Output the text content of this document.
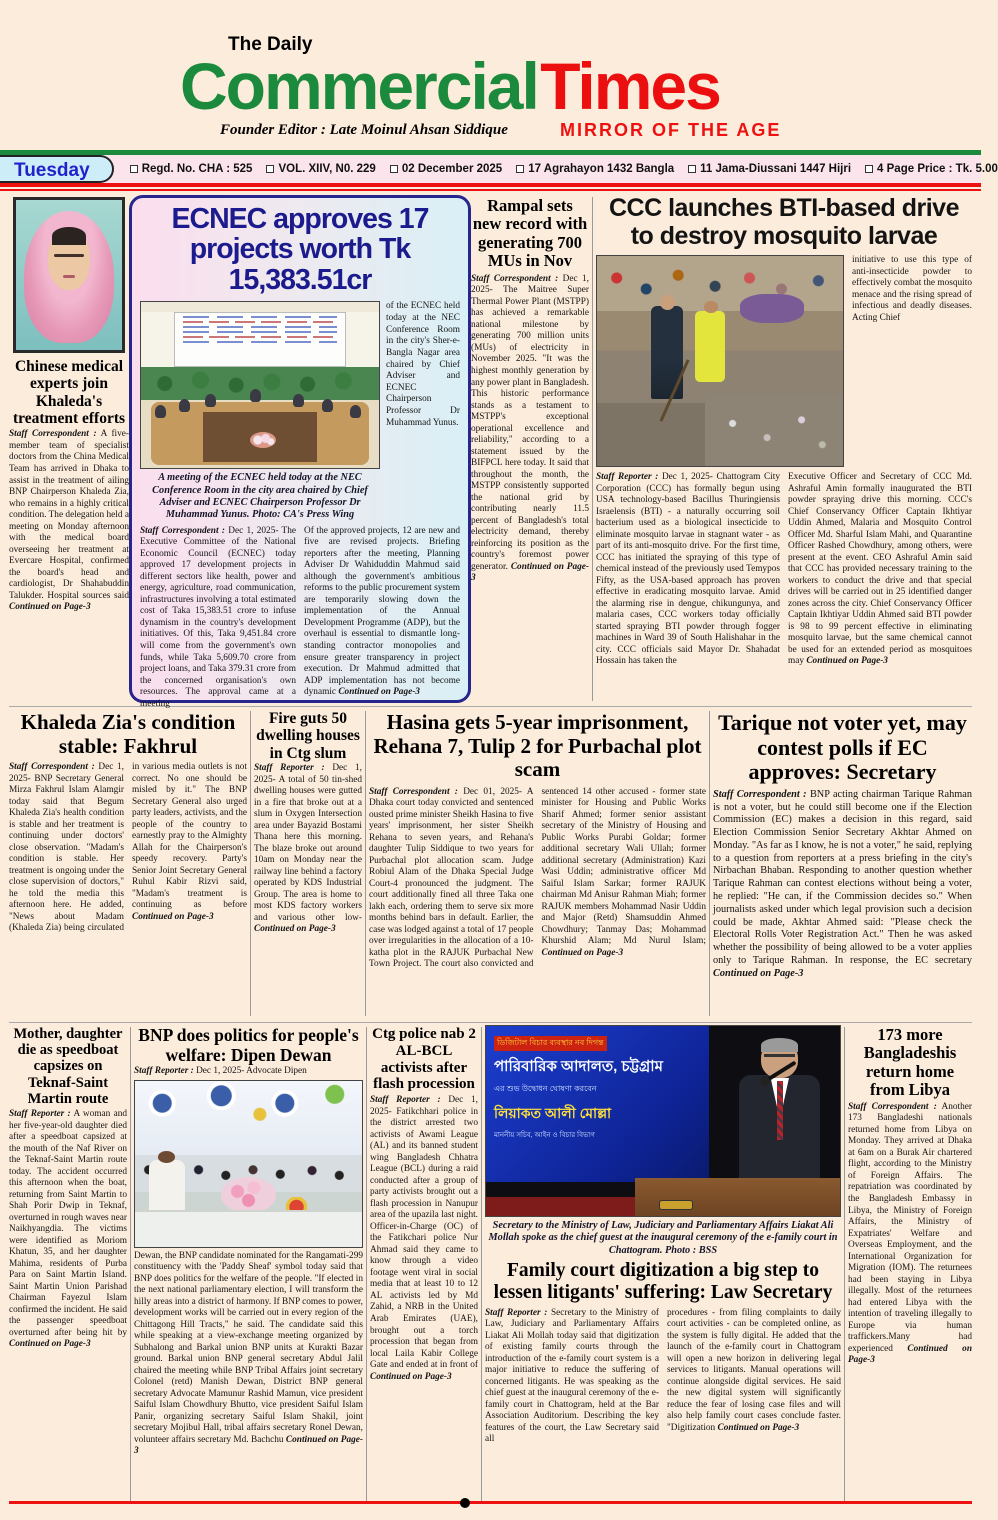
The Daily
Commercial Times
Founder Editor : Late Moinul Ahsan Siddique	MIRROR OF THE AGE
Tuesday	Regd. No. CHA : 525 VOL. XIIV, N0. 229 02 December 2025 17 Agrahayon 1432 Bangla 11 Jama-Diussani 1447 Hijri 4 Page Price : Tk. 5.00
Chinese medical experts join Khaleda's treatment efforts
Staff Correspondent : A five-member team of specialist doctors from the China Medical Team has arrived in Dhaka to assist in the treatment of ailing BNP Chairperson Khaleda Zia, who remains in a highly critical condition. The delegation held a meeting on Monday afternoon with the medical board overseeing her treatment at Evercare Hospital, confirmed the board's head and cardiologist, Dr Shahabuddin Talukder. Hospital sources said Continued on Page-3
ECNEC approves 17 projects worth Tk 15,383.51cr
A meeting of the ECNEC held today at the NEC Conference Room in the city area chaired by Chief Adviser and ECNEC Chairperson Professor Dr Muhammad Yunus. Photo: CA's Press Wing
of the ECNEC held today at the NEC Conference Room in the city's Sher-e-Bangla Nagar area chaired by Chief Adviser and ECNEC Chairperson Professor Dr Muhammad Yunus.
Staff Correspondent : Dec 1, 2025- The Executive Committee of the National Economic Council (ECNEC) today approved 17 development projects in different sectors like health, power and energy, agriculture, road communication, infrastructures involving a total estimated cost of Taka 15,383.51 crore to infuse dynamism in the country's development initiatives. Of this, Taka 9,451.84 crore will come from the government's own funds, while Taka 5,609.70 crore from project loans, and Taka 379.31 crore from the concerned organisation's own resources. The approval came at a meeting
Of the approved projects, 12 are new and five are revised projects. Briefing reporters after the meeting, Planning Adviser Dr Wahiduddin Mahmud said although the government's ambitious reforms to the public procurement system are temporarily slowing down the implementation of the Annual Development Programme (ADP), but the overhaul is essential to dismantle long- standing contractor monopolies and ensure greater transparency in project execution. Dr Mahmud admitted that ADP implementation has not become dynamic Continued on Page-3
Rampal sets new record with generating 700 MUs in Nov
Staff Correspondent : Dec 1, 2025- The Maitree Super Thermal Power Plant (MSTPP) has achieved a remarkable national milestone by generating 700 million units (MUs) of electricity in November 2025. "It was the highest monthly generation by any power plant in Bangladesh. This historic performance stands as a testament to MSTPP's exceptional operational excellence and reliability," according to a statement issued by the BIFPCL here today. It said that throughout the month, the MSTPP consistently supported the national grid by contributing nearly 11.5 percent of Bangladesh's total electricity demand, thereby reinforcing its position as the country's foremost power generator. Continued on Page-3
CCC launches BTI-based drive to destroy mosquito larvae
initiative to use this type of anti-insecticide powder to effectively combat the mosquito menace and the rising spread of infectious and deadly diseases. Acting Chief
Staff Reporter : Dec 1, 2025- Chattogram City Corporation (CCC) has formally begun using USA technology-based Bacillus Thuringiensis Israelensis (BTI) - a naturally occurring soil bacterium used as a biological insecticide to eliminate mosquito larvae in stagnant water - as part of its anti-mosquito drive. For the first time, CCC has initiated the spraying of this type of chemical instead of the previously used Temypos Fifty, as the USA-based approach has proven effective in eradicating mosquito larvae. Amid the alarming rise in dengue, chikungunya, and malaria cases, CCC workers today officially started spraying BTI powder through fogger machines in Ward 39 of South Halishahar in the city. CCC officials said Mayor Dr. Shahadat Hossain has taken the
Executive Officer and Secretary of CCC Md. Ashraful Amin formally inaugurated the BTI powder spraying drive this morning. CCC's Chief Conservancy Officer Captain Ikhtiyar Uddin Ahmed, Malaria and Mosquito Control Officer Md. Sharful Islam Mahi, and Quarantine Officer Rashed Chowdhury, among others, were present at the event. CEO Ashraful Amin said that CCC has provided necessary training to the workers to conduct the drive and that special drives will be carried out in 25 identified danger zones across the city. Chief Conservancy Officer Captain Ikhtiyar Uddin Ahmed said BTI powder is 98 to 99 percent effective in eliminating mosquito larvae, but the same chemical cannot be used for an extended period as mosquitoes may Continued on Page-3
Khaleda Zia's condition stable: Fakhrul
Staff Correspondent : Dec 1, 2025- BNP Secretary General Mirza Fakhrul Islam Alamgir today said that Begum Khaleda Zia's health condition is stable and her treatment is continuing under doctors' close observation. "Madam's condition is stable. Her treatment is ongoing under the close supervision of doctors," he told the media this afternoon here. He added, "News about Madam (Khaleda Zia) being circulated in various media outlets is not correct. No one should be misled by it." The BNP Secretary General also urged party leaders, activists, and the people of the country to earnestly pray to the Almighty Allah for the Chairperson's speedy recovery. Party's Senior Joint Secretary General Ruhul Kabir Rizvi said, "Madam's treatment is continuing as before Continued on Page-3
Fire guts 50 dwelling houses in Ctg slum
Staff Reporter : Dec 1, 2025- A total of 50 tin-shed dwelling houses were gutted in a fire that broke out at a slum in Oxygen Intersection area under Bayazid Bostami Thana here this morning. The blaze broke out around 10am on Monday near the railway line behind a factory operated by KDS Industrial Group. The area is home to most KDS factory workers and various other low- Continued on Page-3
Hasina gets 5-year imprisonment, Rehana 7, Tulip 2 for Purbachal plot scam
Staff Correspondent : Dec 01, 2025- A Dhaka court today convicted and sentenced ousted prime minister Sheikh Hasina to five years' imprisonment, her sister Sheikh Rehana to seven years, and Rehana's daughter Tulip Siddique to two years for Purbachal plot allocation scam. Judge Robiul Alam of the Dhaka Special Judge Court-4 pronounced the judgment. The court additionally fined all three Taka one lakh each, ordering them to serve six more months behind bars in default. Earlier, the case was lodged against a total of 17 people over irregularities in the allocation of a 10-katha plot in the RAJUK Purbachal New Town Project. The court also convicted and sentenced 14 other accused - former state minister for Housing and Public Works Sharif Ahmed; former senior assistant secretary of the Ministry of Housing and Public Works Purabi Goldar; former additional secretary Wali Ullah; former additional secretary (Administration) Kazi Wasi Uddin; administrative officer Md Saiful Islam Sarkar; former RAJUK chairman Md Anisur Rahman Miah; former RAJUK members Mohammad Nasir Uddin and Major (Retd) Shamsuddin Ahmed Chowdhury; Tanmay Das; Mohammad Khurshid Alam; Md Nurul Islam; Continued on Page-3
Tarique not voter yet, may contest polls if EC approves: Secretary
Staff Correspondent : BNP acting chairman Tarique Rahman is not a voter, but he could still become one if the Election Commission (EC) makes a decision in this regard, said Election Commission Senior Secretary Akhtar Ahmed on Monday. "As far as I know, he is not a voter," he said, replying to a question from reporters at a press briefing in the city's Nirbachan Bhaban. Responding to another question whether Tarique Rahman can contest elections without being a voter, he replied: "He can, if the Commission decides so." When journalists asked under which legal provision such a decision could be made, Akhtar Ahmed said: "Please check the Electoral Rolls Voter Registration Act." Then he was asked whether the possibility of being allowed to be a voter applies only to Tarique Rahman. In response, the EC secretary Continued on Page-3
Mother, daughter die as speedboat capsizes on Teknaf-Saint Martin route
Staff Reporter : A woman and her five-year-old daughter died after a speedboat capsized at the mouth of the Naf River on the Teknaf-Saint Martin route today. The accident occurred this afternoon when the boat, returning from Saint Martin to Shah Porir Dwip in Teknaf, overturned in rough waves near Naikhyangdia. The victims were identified as Moriom Khatun, 35, and her daughter Mahima, residents of Purba Para on Saint Martin Island. Saint Martin Union Parishad Chairman Fayezul Islam confirmed the incident. He said the passenger speedboat overturned after being hit by Continued on Page-3
BNP does politics for people's welfare: Dipen Dewan
Staff Reporter : Dec 1, 2025- Advocate Dipen
Dewan, the BNP candidate nominated for the Rangamati-299 constituency with the 'Paddy Sheaf' symbol today said that BNP does politics for the welfare of the people. "If elected in the next national parliamentary election, I will transform the hilly areas into a district of harmony. If BNP comes to power, development works will be carried out in every region of the Chittagong Hill Tracts," he said. The candidate said this while speaking at a view-exchange meeting organized by Subhalong and Barkal union BNP units at Kurakti Bazar ground. Barkal union BNP general secretary Abdul Jalil chaired the meeting while BNP Tribal Affairs joint secretary Colonel (retd) Manish Dewan, District BNP general secretary Advocate Mamunur Rashid Mamun, vice president Saiful Islam Chowdhury Bhutto, vice president Saiful Islam Panir, organizing secretary Saiful Islam Shakil, joint secretary Mojibul Hall, tribal affairs secretary Ronel Dewan, volunteer affairs secretary Md. Bachchu Continued on Page-3
Ctg police nab 2 AL-BCL activists after flash procession
Staff Reporter : Dec 1, 2025- Fatikchhari police in the district arrested two activists of Awami League (AL) and its banned student wing Bangladesh Chhatra League (BCL) during a raid conducted after a group of party activists brought out a flash procession in Nanupur area of the upazila last night. Officer-in-Charge (OC) of the Fatikchari police Nur Ahmad said they came to know through a video footage went viral in social media that at least 10 to 12 AL activists led by Md Zahid, a NRB in the United Arab Emirates (UAE), brought out a torch procession that began from local Laila Kabir College Gate and ended at in front of Continued on Page-3
ডিজিটাল বিচার ব্যবস্থার নব দিগন্ত
পারিবারিক আদালত, চট্টগ্রাম
এর শুভ উদ্বোধন ঘোষণা করবেন
লিয়াকত আলী মোল্লা
মাননীয় সচিব, আইন ও বিচার বিভাগ
Secretary to the Ministry of Law, Judiciary and Parliamentary Affairs Liakat Ali Mollah spoke as the chief guest at the inaugural ceremony of the e-family court in Chattogram. Photo : BSS
Family court digitization a big step to lessen litigants' suffering: Law Secretary
Staff Reporter : Secretary to the Ministry of Law, Judiciary and Parliamentary Affairs Liakat Ali Mollah today said that digitization of existing family courts through the introduction of the e-family court system is a major initiative to reduce the suffering of concerned litigants. He was speaking as the chief guest at the inaugural ceremony of the e-family court in Chattogram, held at the Bar Association Auditorium. Describing the key features of the court, the Law Secretary said all
procedures - from filing complaints to daily court activities - can be completed online, as the system is fully digital. He added that the launch of the e-family court in Chattogram will open a new horizon in delivering legal services to litigants. Manual operations will continue alongside digital services. He said the new digital system will significantly reduce the fear of losing case files and will also help family court cases conclude faster. "Digitization Continued on Page-3
173 more Bangladeshis return home from Libya
Staff Correspondent : Another 173 Bangladeshi nationals returned home from Libya on Monday. They arrived at Dhaka at 6am on a Burak Air chartered flight, according to the Ministry of Foreign Affairs. The repatriation was coordinated by the Bangladesh Embassy in Libya, the Ministry of Foreign Affairs, the Ministry of Expatriates' Welfare and Overseas Employment, and the International Organization for Migration (IOM). The returnees had been staying in Libya illegally. Most of the returnees had entered Libya with the intention of traveling illegally to Europe via human traffickers.Many had experienced Continued on Page-3
